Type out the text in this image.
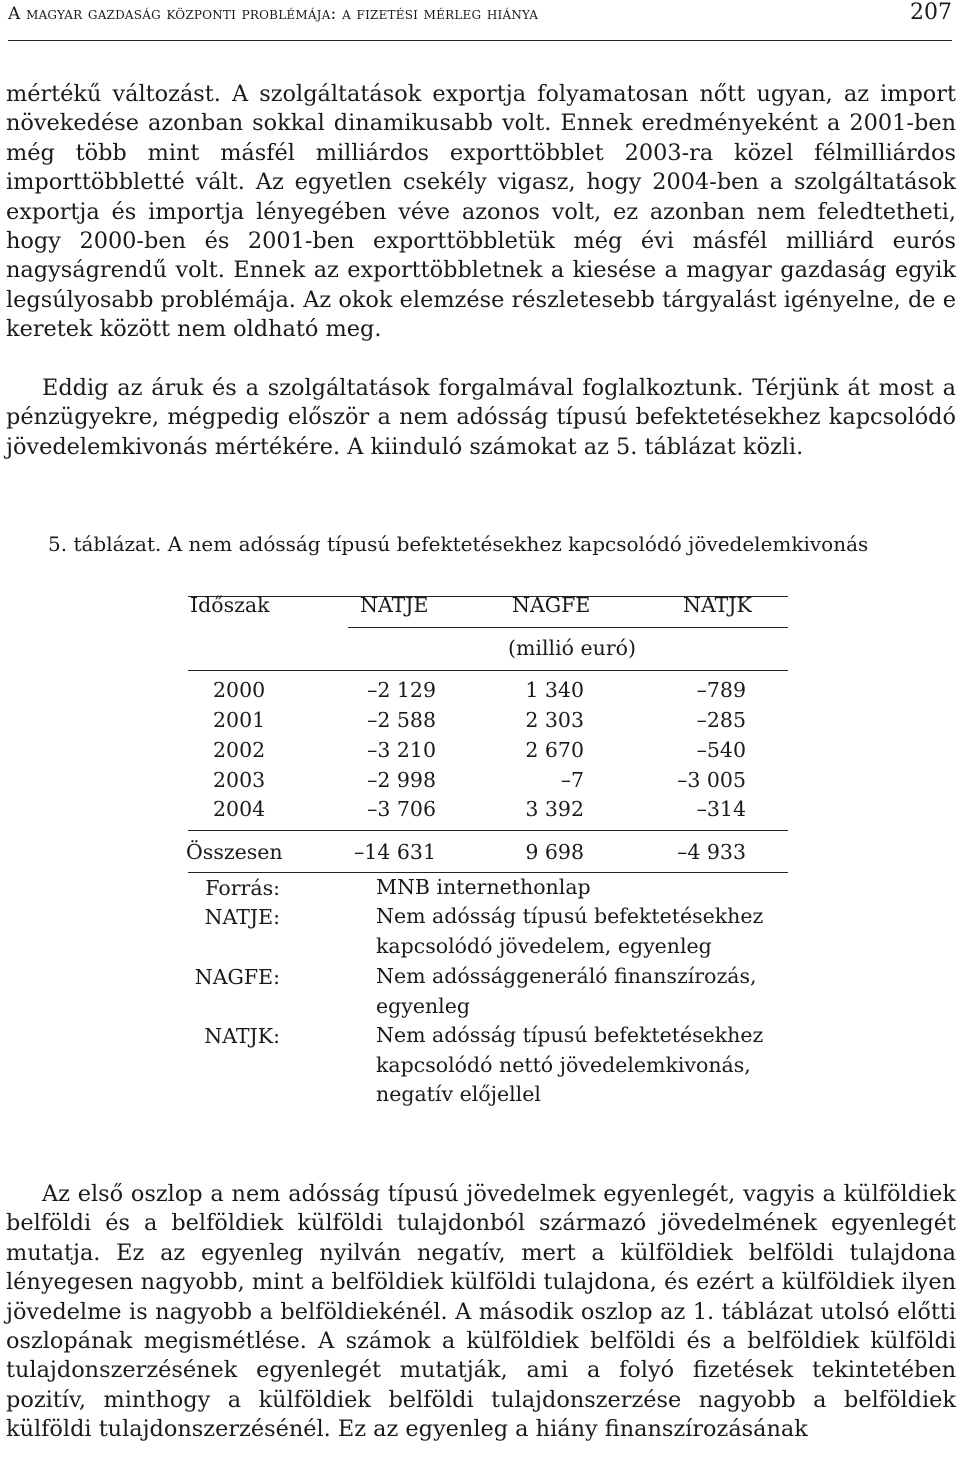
A magyar gazdaság központi problémája: a fizetési mérleg hiánya	207

mértékű változást. A szolgáltatások exportja folyamatosan nőtt ugyan, az import növekedése azonban sokkal dinamikusabb volt. Ennek eredményeként a 2001-ben még több mint másfél milliárdos exporttöbblet 2003-ra közel félmilliárdos importtöbbletté vált. Az egyetlen csekély vigasz, hogy 2004-ben a szolgáltatások exportja és importja lényegében véve azonos volt, ez azonban nem feledtetheti, hogy 2000-ben és 2001-ben exporttöbbletük még évi másfél milliárd eurós nagyságrendű volt. Ennek az exporttöbbletnek a kiesése a magyar gazdaság egyik legsúlyosabb problémája. Az okok elemzése részletesebb tárgyalást igényelne, de e keretek között nem oldható meg.

Eddig az áruk és a szolgáltatások forgalmával foglalkoztunk. Térjünk át most a pénzügyekre, mégpedig először a nem adósság típusú befektetésekhez kapcsolódó jövedelemkivonás mértékére. A kiinduló számokat az 5. táblázat közli.

5. táblázat. A nem adósság típusú befektetésekhez kapcsolódó jövedelemkivonás
Időszak	NATJE	NAGFE	NATJK
(millió euró)
2000	–2 129	1 340	–789
2001	–2 588	2 303	–285
2002	–3 210	2 670	–540
2003	–2 998	–7	–3 005
2004	–3 706	3 392	–314
Összesen	–14 631	9 698	–4 933
Forrás:	MNB internethonlap
NATJE:	Nem adósság típusú befektetésekhez
kapcsolódó jövedelem, egyenleg
NAGFE:	Nem adóssággeneráló finanszírozás,
egyenleg
NATJK:	Nem adósság típusú befektetésekhez
kapcsolódó nettó jövedelemkivonás,
negatív előjellel

Az első oszlop a nem adósság típusú jövedelmek egyenlegét, vagyis a külföldiek belföldi és a belföldiek külföldi tulajdonból származó jövedelmének egyenlegét mutatja. Ez az egyenleg nyilván negatív, mert a külföldiek belföldi tulajdona lényegesen nagyobb, mint a belföldiek külföldi tulajdona, és ezért a külföldiek ilyen jövedelme is nagyobb a belföldiekénél. A második oszlop az 1. táblázat utolsó előtti oszlopának megismétlése. A számok a külföldiek belföldi és a belföldiek külföldi tulajdonszerzésének egyenlegét mutatják, ami a folyó fizetések tekintetében pozitív, minthogy a külföldiek belföldi tulajdonszerzése nagyobb a belföldiek külföldi tulajdonszerzésénél. Ez az egyenleg a hiány finanszírozásának
